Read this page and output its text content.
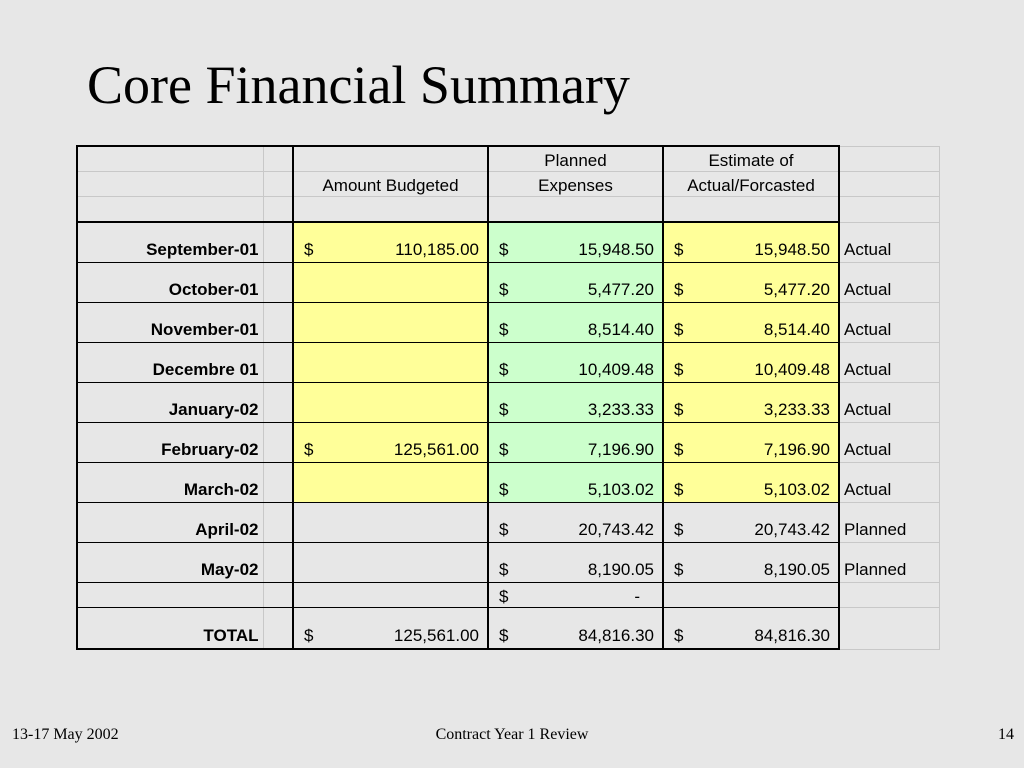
Core Financial Summary
			Planned	Estimate of	
		Amount Budgeted	Expenses	Actual/Forcasted	

September-01		$ 110,185.00	$ 15,948.50	$ 15,948.50	Actual
October-01			$ 5,477.20	$ 5,477.20	Actual
November-01			$ 8,514.40	$ 8,514.40	Actual
Decembre 01			$ 10,409.48	$ 10,409.48	Actual
January-02			$ 3,233.33	$ 3,233.33	Actual
February-02		$ 125,561.00	$ 7,196.90	$ 7,196.90	Actual
March-02			$ 5,103.02	$ 5,103.02	Actual
April-02			$ 20,743.42	$ 20,743.42	Planned
May-02			$ 8,190.05	$ 8,190.05	Planned

			$ -		

TOTAL		$ 125,561.00	$ 84,816.30	$ 84,816.30	

13-17 May 2002	Contract Year 1 Review	14
